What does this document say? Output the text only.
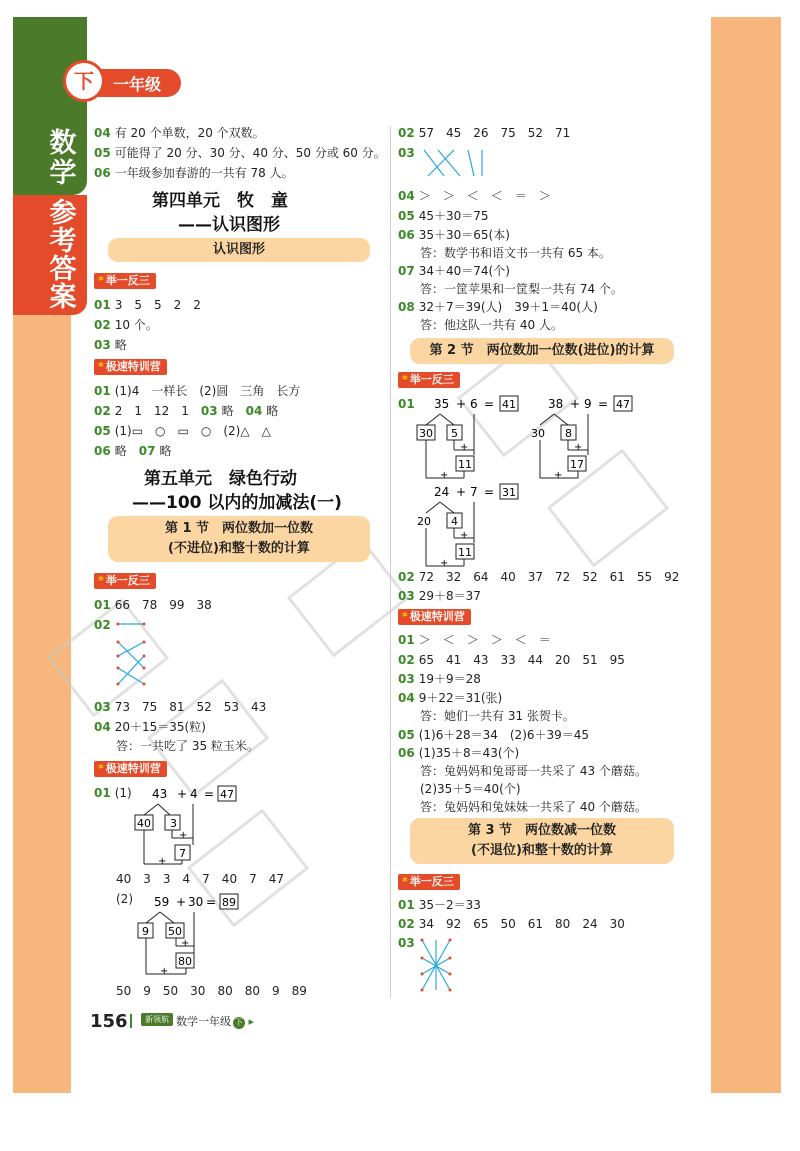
数
学
参
考
答
案
下	一年级
04 有 20 个单数，20 个双数。
05 可能得了 20 分、30 分、40 分、50 分或 60 分。
06 一年级参加春游的一共有 78 人。
第四单元　牧　童
——认识图形
认识图形
* 举一反三
01 3　5　5　2　2
02 10 个。
03 略
* 极速特训营
01 (1)4　一样长　(2)圆　三角　长方
02 2　1　12　1　 03 略　 04 略
05 (1)▭　○　▭　○　 (2)△　△
06 略　 07 略
第五单元　绿色行动
——100 以内的加减法(一)
第 1 节　两位数加一位数
(不进位)和整十数的计算
* 举一反三
01 66　78　99　38
02
03 73　75　81　52　53　43
04 20＋15＝35(粒)
答：一共吃了 35 粒玉米。
* 极速特训营
01 (1) 43 + 4 = 47
40 3
+
7
+
40　3　3　4　7　40　7　47
(2) 59 + 30 = 89
9 50
+
80
+
50　9　50　30　80　80　9　89
02 57　45　26　75　52　71
03
04 ＞　＞　＜　＜　＝　＞
05 45＋30＝75
06 35＋30＝65(本)
答：数学书和语文书一共有 65 本。
07 34＋40＝74(个)
答：一筐苹果和一筐梨一共有 74 个。
08 32＋7＝39(人)　39＋1＝40(人)
答：他这队一共有 40 人。
第 2 节　两位数加一位数(进位)的计算
* 举一反三
01	35 + 6 = 41
30 5
+
11
+
38 + 9 = 47
30 8
+
17
+
24 + 7 = 31
20 4
+
11
+
02 72　32　64　40　37　72　52　61　55　92
03 29＋8＝37
* 极速特训营
01 ＞　＜　＞　＞　＜　＝
02 65　41　43　33　44　20　51　95
03 19＋9＝28
04 9＋22＝31(张)
答：她们一共有 31 张贺卡。
05 (1)6＋28＝34　(2)6＋39＝45
06 (1)35＋8＝43(个)
答：兔妈妈和兔哥哥一共采了 43 个蘑菇。
(2)35＋5＝40(个)
答：兔妈妈和兔妹妹一共采了 40 个蘑菇。
第 3 节　两位数减一位数
(不退位)和整十数的计算
* 举一反三
01 35－2＝33
02 34　92　65　50　61　80　24　30
03
156	新领航 数学一年级 下 ▸
